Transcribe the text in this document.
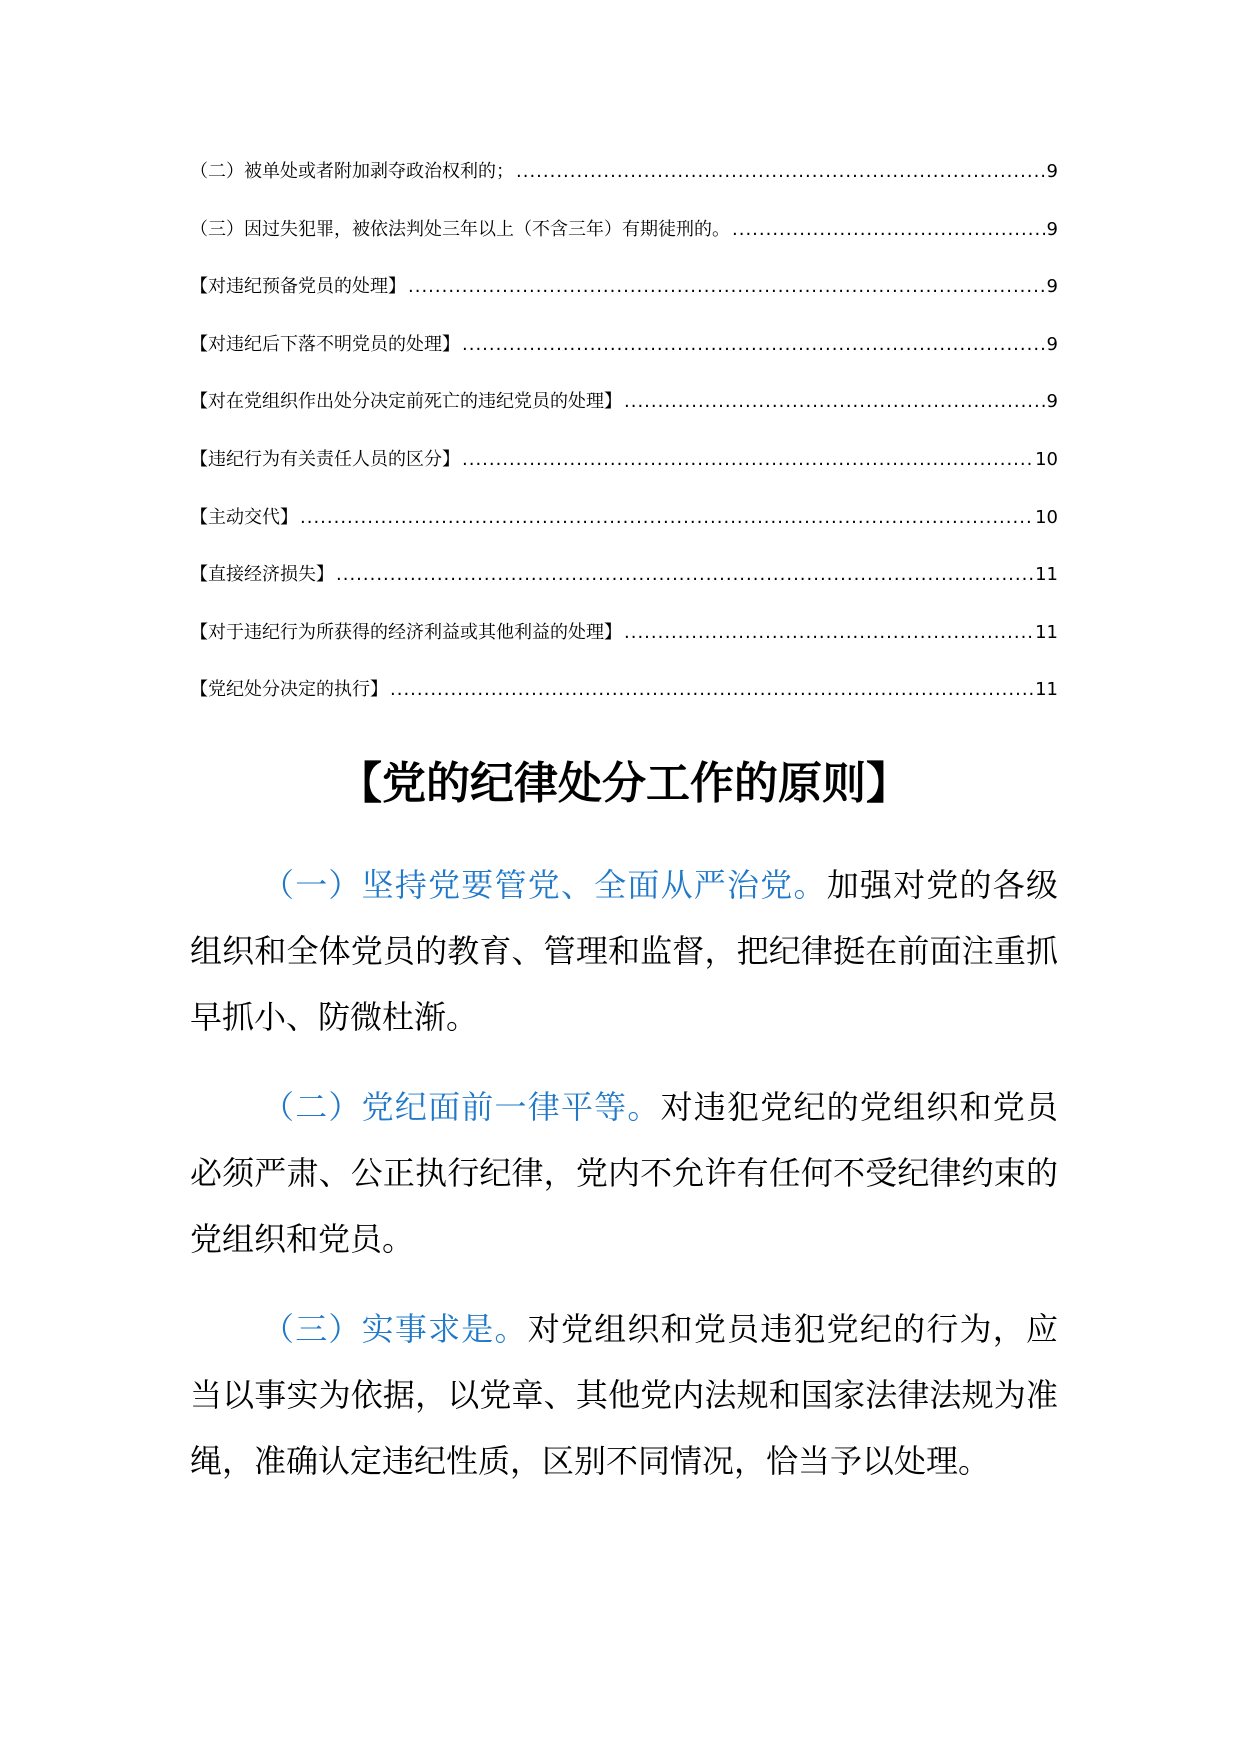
（二）被单处或者附加剥夺政治权利的； .....	9
（三）因过失犯罪，被依法判处三年以上（不含三年）有期徒刑的。 .....	9
【对违纪预备党员的处理】 .....	9
【对违纪后下落不明党员的处理】 .....	9
【对在党组织作出处分决定前死亡的违纪党员的处理】 .....	9
【违纪行为有关责任人员的区分】 .....	10
【主动交代】 .....	10
【直接经济损失】 .....	11
【对于违纪行为所获得的经济利益或其他利益的处理】 .....	11
【党纪处分决定的执行】 .....	11
【党的纪律处分工作的原则】

（一）坚持党要管党、全面从严治党。加强对党的各级组织和全体党员的教育、管理和监督，把纪律挺在前面注重抓早抓小、防微杜渐。

（二）党纪面前一律平等。对违犯党纪的党组织和党员必须严肃、公正执行纪律，党内不允许有任何不受纪律约束的党组织和党员。

（三）实事求是。对党组织和党员违犯党纪的行为，应当以事实为依据，以党章、其他党内法规和国家法律法规为准绳，准确认定违纪性质，区别不同情况，恰当予以处理。
